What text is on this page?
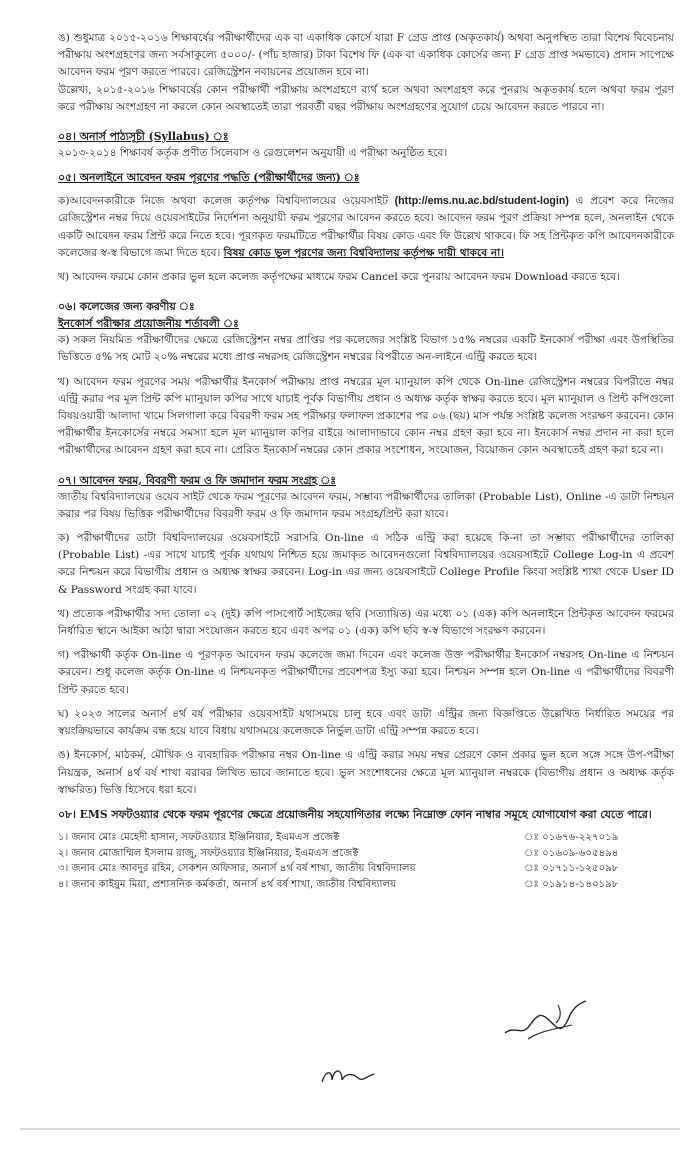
ঙ) শুধুমাত্র ২০১৫-২০১৬ শিক্ষাবর্ষের পরীক্ষার্থীদের এক বা একাধিক কোর্সে যারা F গ্রেড প্রাপ্ত (অকৃতকার্য) অথবা অনুপস্থিত তারা বিশেষ বিবেচনায় পরীক্ষায় অংশগ্রহণের জন্য সর্বসাকুল্যে ৫০০০/- (পাঁচ হাজার) টাকা বিশেষ ফি (এক বা একাধিক কোর্সের জন্য F গ্রেড প্রাপ্ত সমভাবে) প্রদান সাপেক্ষে আবেদন ফরম পূরণ করতে পারবে। রেজিস্ট্রেশন নবায়নের প্রয়োজন হবে না।

উল্লেখ্য, ২০১৫-২০১৬ শিক্ষাবর্ষের কোন পরীক্ষার্থী পরীক্ষায় অংশগ্রহণে ব্যর্থ হলে অথবা অংশগ্রহণ করে পুনরায় অকৃতকার্য হলে অথবা ফরম পূরণ করে পরীক্ষায় অংশগ্রহণ না করলে কোন অবস্থাতেই তারা পরবর্তী বছর পরীক্ষায় অংশগ্রহণের সুযোগ চেয়ে আবেদন করতে পারবে না।

০৪। অনার্স পাঠ্যসূচী (Syllabus) ঃ

২০১৩-২০১৪ শিক্ষাবর্ষ কর্তৃক প্রণীত সিলেবাস ও রেগুলেশন অনুযায়ী এ পরীক্ষা অনুষ্ঠিত হবে।

০৫। অনলাইনে আবেদন ফরম পূরণের পদ্ধতি (পরীক্ষার্থীদের জন্য) ঃ

ক)আবেদনকারীকে নিজে অথবা কলেজ কর্তৃপক্ষ বিশ্ববিদ্যালয়ের ওয়েবসাইট (http://ems.nu.ac.bd/student-login) এ প্রবেশ করে নিজের রেজিস্ট্রেশন নম্বর দিয়ে ওয়েবসাইটের নির্দেশনা অনুযায়ী ফরম পূরণের আবেদন করতে হবে। আবেদন ফরম পূরণ প্রক্রিয়া সম্পন্ন হলে, অনলাইন থেকে একটি আবেদন ফরম প্রিন্ট করে নিতে হবে। পূরণকৃত ফরমটিতে পরীক্ষার্থীর বিষয় কোড এবং ফি উল্লেখ থাকবে। ফি সহ প্রিন্টকৃত কপি আবেদনকারীকে কলেজের স্ব-স্ব বিভাগে জমা দিতে হবে। বিষয় কোড ভুল পূরণের জন্য বিশ্ববিদ্যালয় কর্তৃপক্ষ দায়ী থাকবে না।

খ) আবেদন ফরমে কোন প্রকার ভুল হলে কলেজ কর্তৃপক্ষের মাধ্যমে ফরম Cancel করে পুনরায় আবেদন ফরম Download করতে হবে।

০৬। কলেজের জন্য করণীয় ঃ

ইনকোর্স পরীক্ষার প্রয়োজনীয় শর্তাবলী ঃ

ক) সকল নিয়মিত পরীক্ষার্থীদের ক্ষেত্রে রেজিস্ট্রেশন নম্বর প্রাপ্তির পর কলেজের সংশ্লিষ্ট বিভাগ ১৫% নম্বরের একটি ইনকোর্স পরীক্ষা এবং উপস্থিতির ভিত্তিতে ৫% সহ মোট ২০% নম্বরের মধ্যে প্রাপ্ত নম্বরসহ রেজিস্ট্রেশন নম্বরের বিপরীতে অন-লাইনে এন্ট্রি করতে হবে।

খ) আবেদন ফরম পূরণের সময় পরীক্ষার্থীর ইনকোর্স পরীক্ষায় প্রাপ্ত নম্বরের মূল ম্যানুয়াল কপি থেকে On-line রেজিস্ট্রেশন নম্বরের বিপরীতে নম্বর এন্ট্রি করার পর মূল প্রিন্ট কপি ম্যানুয়াল কপির সাথে যাচাই পূর্বক বিভাগীয় প্রধান ও অধ্যক্ষ কর্তৃক স্বাক্ষর করতে হবে। মূল ম্যানুয়াল ও প্রিন্ট কপিগুলো বিষয়ওয়ারী আলাদা খামে সিলগালা করে বিবরণী ফরম সহ পরীক্ষার ফলাফল প্রকাশের পর ০৬ (ছয়) মাস পর্যন্ত সংশ্লিষ্ট কলেজ সংরক্ষণ করবেন। কোন পরীক্ষার্থীর ইনকোর্সের নম্বরে সমস্যা হলে মূল ম্যানুয়াল কপির বাইরে আলাদাভাবে কোন নম্বর গ্রহণ করা হবে না। ইনকোর্স নম্বর প্রদান না করা হলে পরীক্ষার্থীদের আবেদন গ্রহণ করা হবে না। প্রেরিত ইনকোর্স নম্বরের কোন প্রকার সংশোধন, সংযোজন, বিয়োজন কোন অবস্থাতেই গ্রহণ করা হবে না।

০৭। আবেদন ফরম, বিবরণী ফরম ও ফি জমাদান ফরম সংগ্রহ ঃ

জাতীয় বিশ্ববিদ্যালয়ের ওয়েব সাইট থেকে ফরম পূরণের আবেদন ফরম, সম্ভাব্য পরীক্ষার্থীদের তালিকা (Probable List), Online -এ ডাটা নিশ্চয়ন করার পর বিষয় ভিত্তিক পরীক্ষার্থীদের বিবরণী ফরম ও ফি জমাদান ফরম সংগ্রহ/প্রিন্ট করা যাবে।

ক) পরীক্ষার্থীদের ডাটা বিশ্ববিদ্যালয়ের ওয়েবসাইটে সরাসরি On-line এ সঠিক এন্ট্রি করা হয়েছে কি-না তা সম্ভাব্য পরীক্ষার্থীদের তালিকা (Probable List) -এর সাথে যাচাই পূর্বক যথাযথ নিশ্চিত হয়ে জমাকৃত আবেদনগুলো বিশ্ববিদ্যালয়ের ওয়েবসাইটে College Log-in এ প্রবেশ করে নিশ্চয়ন করে বিভাগীয় প্রধান ও অধ্যক্ষ স্বাক্ষর করবেন। Log-in এর জন্য ওয়েবসাইটে College Profile কিংবা সংশ্লিষ্ট শাখা থেকে User ID & Password সংগ্রহ করা যাবে।

খ) প্রত্যেক পরীক্ষার্থীর সদ্য তোলা ০২ (দুই) কপি পাসপোর্ট সাইজের ছবি (সত্যায়িত) এর মধ্যে ০১ (এক) কপি অনলাইনে প্রিন্টকৃত আবেদন ফরমের নির্ধারিত স্থানে আইকা আঠা দ্বারা সংযোজন করতে হবে এবং অপর ০১ (এক) কপি ছবি স্ব-স্ব বিভাগে সংরক্ষণ করবেন।

গ) পরীক্ষার্থী কর্তৃক On-line এ পূরণকৃত আবেদন ফরম কলেজে জমা দিবেন এবং কলেজ উক্ত পরীক্ষার্থীর ইনকোর্স নম্বরসহ On-line এ নিশ্চয়ন করবেন। শুধু কলেজ কর্তৃক On-line এ নিশ্চয়নকৃত পরীক্ষার্থীদের প্রবেশপত্র ইস্যু করা হবে। নিশ্চয়ন সম্পন্ন হলে On-line এ পরীক্ষার্থীদের বিবরণী প্রিন্ট করতে হবে।

ঘ) ২০২৩ সালের অনার্স ৪র্থ বর্ষ পরীক্ষার ওয়েবসাইট যথাসময়ে চালু হবে এবং ডাটা এন্ট্রির জন্য বিজ্ঞপ্তিতে উল্লেখিত নির্ধারিত সময়ের পর স্বয়ংক্রিয়ভাবে কার্যক্রম বন্ধ হয়ে যাবে বিধায় যথাসময়ে কলেজকে নির্ভুল ডাটা এন্ট্রি সম্পন্ন করতে হবে।

ঙ) ইনকোর্স, মাঠকর্ম, মৌখিক ও ব্যবহারিক পরীক্ষার নম্বর On-line এ এন্ট্রি করার সময় নম্বর প্রেরণে কোন প্রকার ভুল হলে সঙ্গে সঙ্গে উপ-পরীক্ষা নিয়ন্ত্রক, অনার্স ৪র্থ বর্ষ শাখা বরাবর লিখিত ভাবে জানাতে হবে। ভুল সংশোধনের ক্ষেত্রে মূল ম্যানুয়াল নম্বরকে (বিভাগীয় প্রধান ও অধ্যক্ষ কর্তৃক স্বাক্ষরিত) ভিত্তি হিসেবে ধরা হবে।

০৮। EMS সফটওয়্যার থেকে ফরম পূরণের ক্ষেত্রে প্রয়োজনীয় সহযোগিতার লক্ষ্যে নিম্নোক্ত ফোন নাম্বার সমূহে যোগাযোগ করা যেতে পারে।

১। জনাব মোঃ মেহেদী হাসান, সফটওয়্যার ইঞ্জিনিয়ার, ইএমএস প্রজেক্ট	ঃ ০১৬৭৬-২২৭০১৯
২। জনাব মোজাম্মিল ইসলাম রাজু, সফটওয়্যার ইঞ্জিনিয়ার, ইএমএস প্রজেক্ট	ঃ ০১৬০৯-৬০৫৪৯৪
৩। জনাব মোঃ আবদুর রহিম, সেকশন অফিসার, অনার্স ৪র্থ বর্ষ শাখা, জাতীয় বিশ্ববিদ্যালয়	ঃ ০১৭১১-১২৫০৯৮
৪। জনাব কাইয়ুম মিয়া, প্রশাসনিক কর্মকর্তা, অনার্স ৪র্থ বর্ষ শাখা, জাতীয় বিশ্ববিদ্যালয়	ঃ ০১৯১৪-১৪০১৯৮
